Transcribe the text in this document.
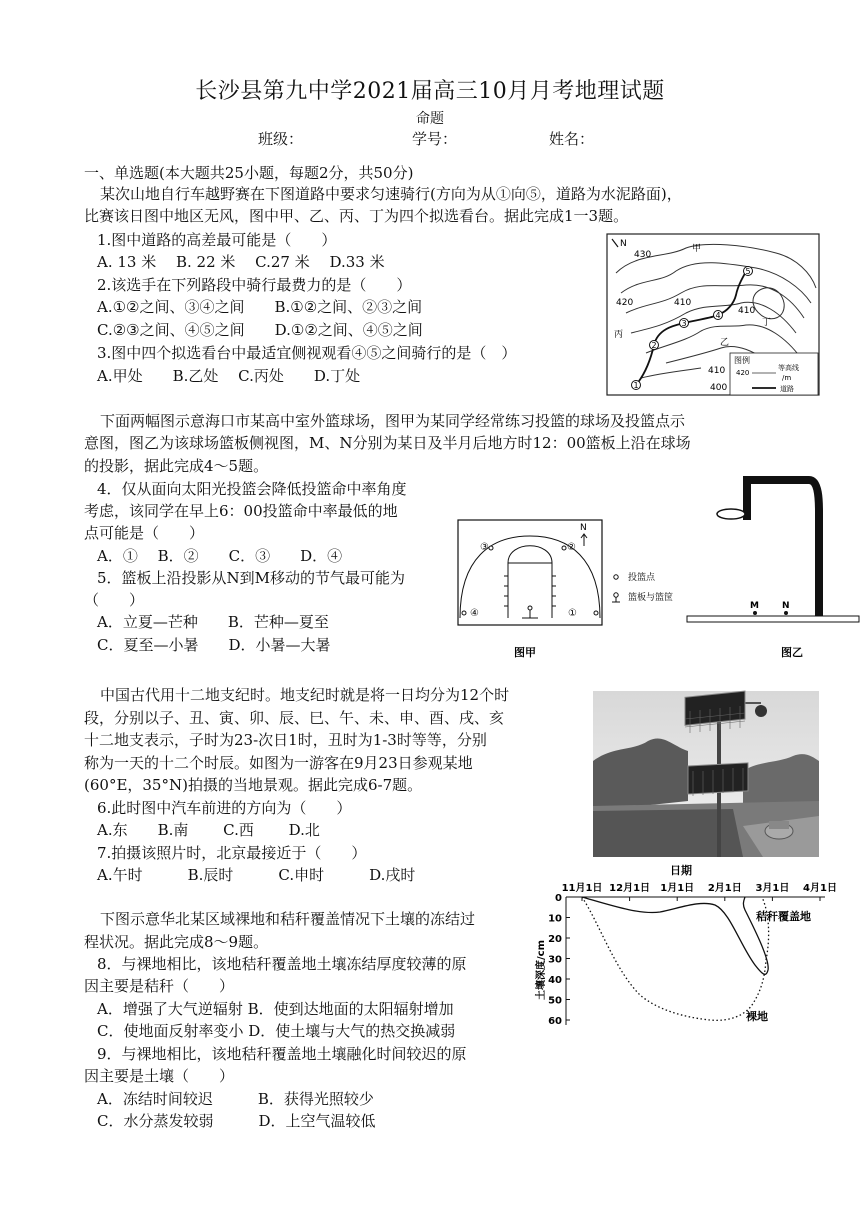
长沙县第九中学2021届高三10月月考地理试题
命题
班级：	学号：	姓名：
一、单选题(本大题共25小题，每题2分，共50分)
某次山地自行车越野赛在下图道路中要求匀速骑行(方向为从①向⑤，道路为水泥路面)，
比赛该日图中地区无风，图中甲、乙、丙、丁为四个拟选看台。据此完成1一3题。
1.图中道路的高差最可能是（　　）
A. 13 米　 B. 22 米　 C.27 米　 D.33 米
2.该选手在下列路段中骑行最费力的是（　　）
A.①②之间、③④之间　　B.①②之间、②③之间
C.②③之间、④⑤之间　　D.①②之间、④⑤之间
3.图中四个拟选看台中最适宜侧视观看④⑤之间骑行的是（　）
A.甲处　　B.乙处　 C.丙处　　D.丁处
N
430
420	410
410
410
400
甲
乙
丙
丁
1
2
3
4
5
图例
420
等高线
/m
道路
下面两幅图示意海口市某高中室外篮球场，图甲为某同学经常练习投篮的球场及投篮点示
意图，图乙为该球场篮板侧视图，M、N分别为某日及半月后地方时12：00篮板上沿在球场
的投影，据此完成4～5题。
4．仅从面向太阳光投篮会降低投篮命中率角度
考虑，该同学在早上6：00投篮命中率最低的地
点可能是（　　）
A．①　 B．②　　C．③　　D．④
5．篮板上沿投影从N到M移动的节气最可能为
（　　）
A．立夏—芒种　　B．芒种—夏至
C．夏至—小暑　　D．小暑—大暑
③	②
④	①
N
图甲
投篮点
篮板与篮筐
M	N
图乙
中国古代用十二地支纪时。地支纪时就是将一日均分为12个时
段，分别以子、丑、寅、卯、辰、巳、午、未、申、酉、戌、亥
十二地支表示，子时为23-次日1时，丑时为1-3时等等，分别
称为一天的十二个时辰。如图为一游客在9月23日参观某地
(60°E，35°N)拍摄的当地景观。据此完成6-7题。
6.此时图中汽车前进的方向为（　　）
A.东　　B.南　　 C.西　　 D.北
7.拍摄该照片时，北京最接近于（　　）
A.午时　　　B.辰时　　　C.申时　　　D.戌时
下图示意华北某区域裸地和秸秆覆盖情况下土壤的冻结过
程状况。据此完成8～9题。
8．与裸地相比，该地秸秆覆盖地土壤冻结厚度较薄的原
因主要是秸秆（　　）
A．增强了大气逆辐射 B．使到达地面的太阳辐射增加
C．使地面反射率变小 D．使土壤与大气的热交换减弱
9．与裸地相比，该地秸秆覆盖地土壤融化时间较迟的原
因主要是土壤（　　）
A．冻结时间较迟　　　B．获得光照较少
C．水分蒸发较弱　　　D．上空气温较低
日期
11月1日 12月1日 1月1日 2月1日 3月1日 4月1日
0
10
20
30
40
50
60
土壤深度/cm
秸秆覆盖地
裸地
